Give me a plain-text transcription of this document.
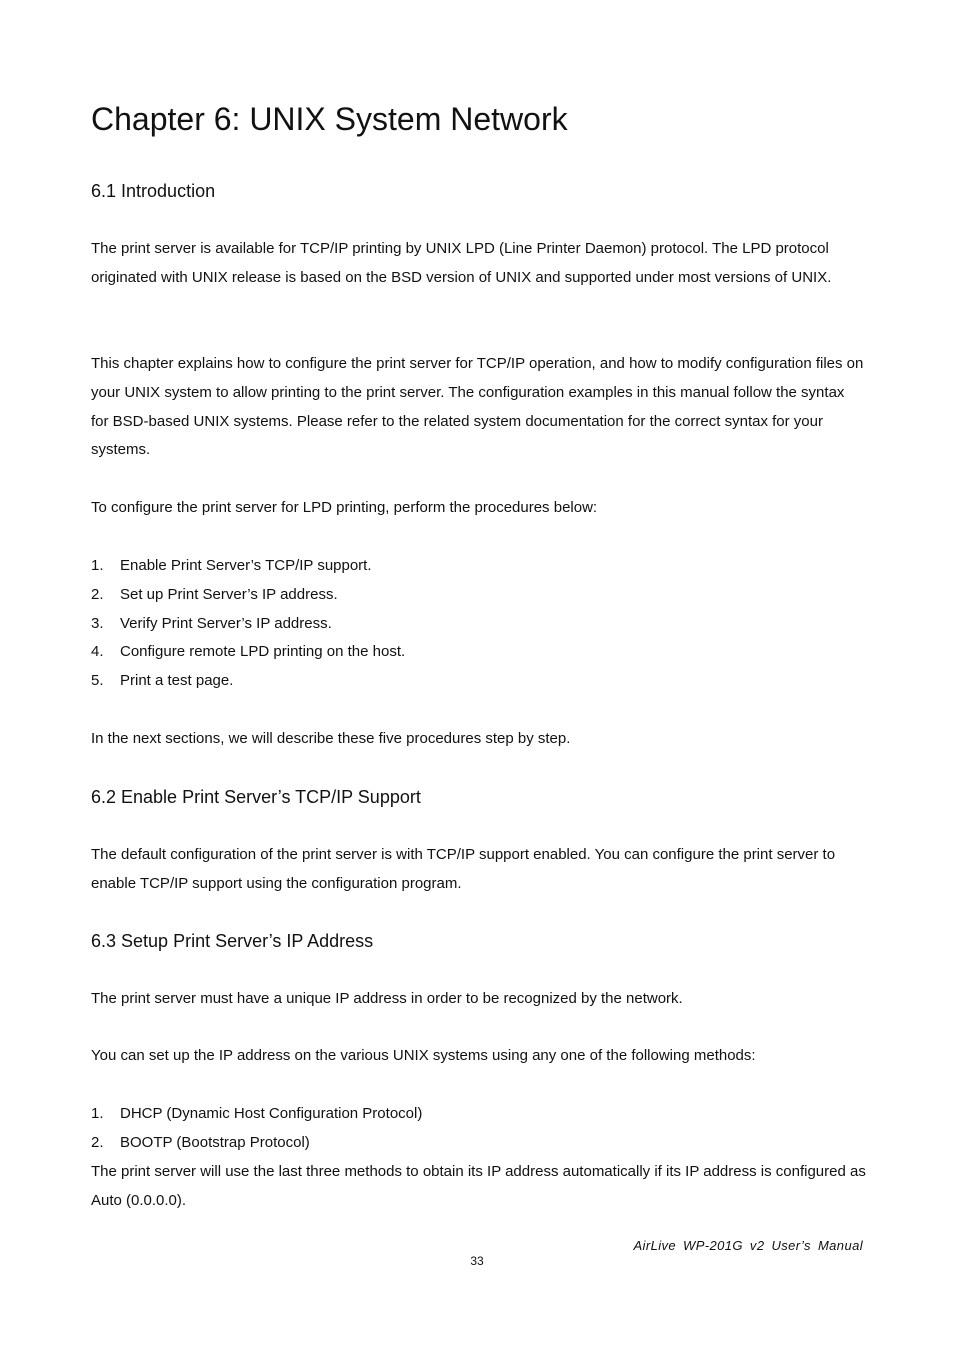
Chapter 6: UNIX System Network
6.1 Introduction

The print server is available for TCP/IP printing by UNIX LPD (Line Printer Daemon) protocol. The LPD protocol originated with UNIX release is based on the BSD version of UNIX and supported under most versions of UNIX.

This chapter explains how to configure the print server for TCP/IP operation, and how to modify configuration files on your UNIX system to allow printing to the print server. The configuration examples in this manual follow the syntax for BSD-based UNIX systems. Please refer to the related system documentation for the correct syntax for your systems.

To configure the print server for LPD printing, perform the procedures below:

1.	Enable Print Server’s TCP/IP support.
2.	Set up Print Server’s IP address.
3.	Verify Print Server’s IP address.
4.	Configure remote LPD printing on the host.
5.	Print a test page.

In the next sections, we will describe these five procedures step by step.

6.2 Enable Print Server’s TCP/IP Support

The default configuration of the print server is with TCP/IP support enabled. You can configure the print server to enable TCP/IP support using the configuration program.

6.3 Setup Print Server’s IP Address

The print server must have a unique IP address in order to be recognized by the network.

You can set up the IP address on the various UNIX systems using any one of the following methods:

1.	DHCP (Dynamic Host Configuration Protocol)
2.	BOOTP (Bootstrap Protocol)

The print server will use the last three methods to obtain its IP address automatically if its IP address is configured as Auto (0.0.0.0).

AirLive WP-201G v2 User’s Manual
33
